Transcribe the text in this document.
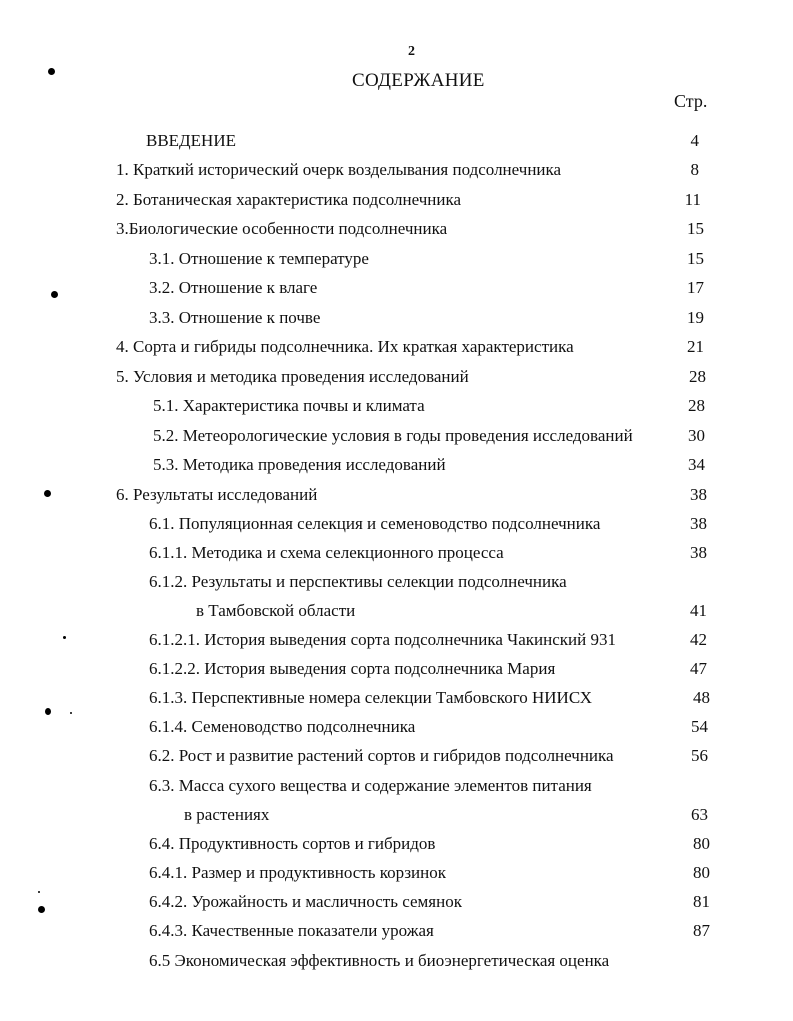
2
СОДЕРЖАНИЕ
Стр.
ВВЕДЕНИЕ	4
1. Краткий исторический очерк возделывания подсолнечника	8
2. Ботаническая характеристика подсолнечника	11
3.Биологические особенности подсолнечника	15
3.1. Отношение к температуре	15
3.2. Отношение к влаге	17
3.3. Отношение к почве	19
4. Сорта и гибриды подсолнечника. Их краткая характеристика	21
5. Условия и методика проведения исследований	28
5.1. Характеристика почвы и климата	28
5.2. Метеорологические условия в годы проведения исследований	30
5.3. Методика проведения исследований	34
6. Результаты исследований	38
6.1. Популяционная селекция и семеноводство подсолнечника	38
6.1.1. Методика и схема селекционного процесса	38
6.1.2. Результаты и перспективы селекции подсолнечника
в Тамбовской области	41
6.1.2.1. История выведения сорта подсолнечника Чакинский 931	42
6.1.2.2. История выведения сорта подсолнечника Мария	47
6.1.3. Перспективные номера селекции Тамбовского НИИСХ	48
6.1.4. Семеноводство подсолнечника	54
6.2. Рост и развитие растений сортов и гибридов подсолнечника	56
6.3. Масса сухого вещества и содержание элементов питания
в растениях	63
6.4. Продуктивность сортов и гибридов	80
6.4.1. Размер и продуктивность корзинок	80
6.4.2. Урожайность и масличность семянок	81
6.4.3. Качественные показатели урожая	87
6.5 Экономическая эффективность и биоэнергетическая оценка
